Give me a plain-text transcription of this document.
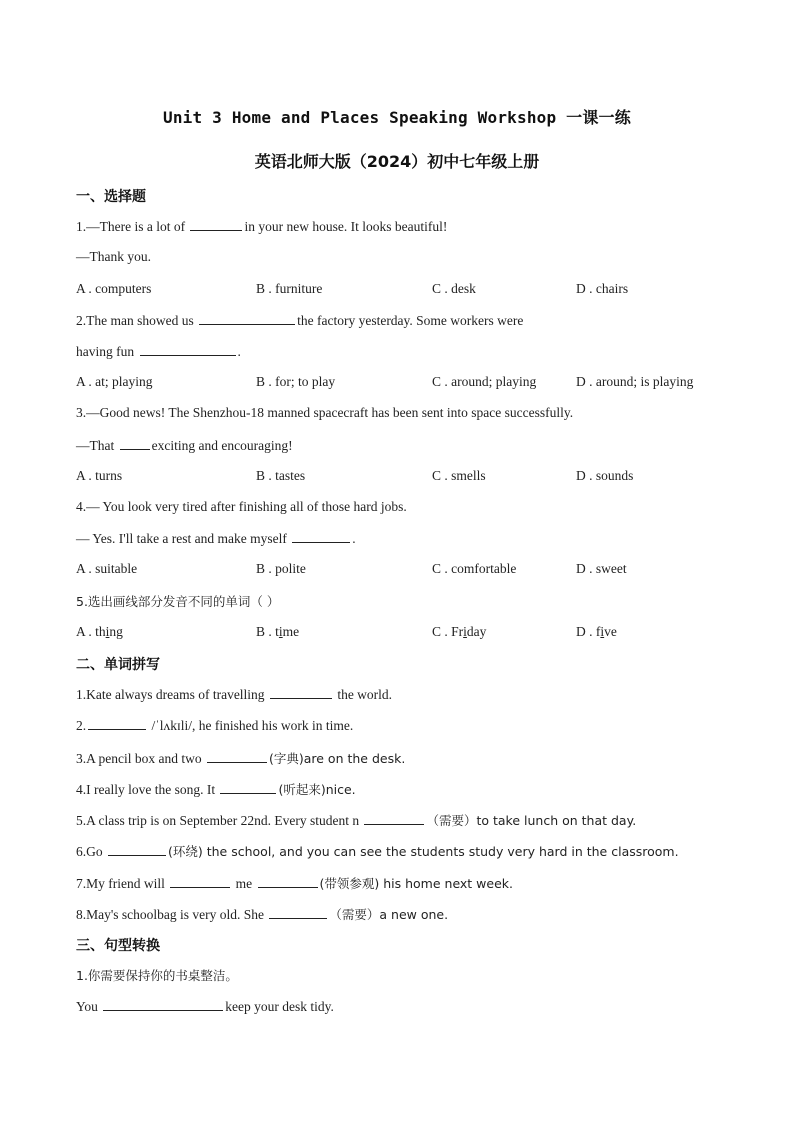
Unit 3 Home and Places Speaking Workshop 一课一练
英语北师大版（2024）初中七年级上册
一、选择题
1.—There is a lot of	in your new house. It looks beautiful!
—Thank you.
A . computers	B . furniture	C . desk	D . chairs
2.The man showed us	the factory yesterday. Some workers were
having fun	.
A . at; playing	B . for; to play	C . around; playing	D . around; is playing
3.—Good news! The Shenzhou-18 manned spacecraft has been sent into space successfully.
—That	exciting and encouraging!
A . turns	B . tastes	C . smells	D . sounds
4.— You look very tired after finishing all of those hard jobs.
— Yes. I'll take a rest and make myself	.
A . suitable	B . polite	C . comfortable	D . sweet
5.选出画线部分发音不同的单词（ ）
A . thing	B . time	C . Friday	D . five
二、单词拼写
1.Kate always dreams of travelling	the world.
2.	/ˈlʌkɪli/, he finished his work in time.
3.A pencil box and two	(字典)are on the desk.
4.I really love the song. It	(听起来)nice.
5.A class trip is on September 22nd. Every student n	（需要）to take lunch on that day.
6.Go	(环绕) the school, and you can see the students study very hard in the classroom.
7.My friend will	me	(带领参观) his home next week.
8.May's schoolbag is very old. She	（需要）a new one.
三、句型转换
1.你需要保持你的书桌整洁。
You	keep your desk tidy.
